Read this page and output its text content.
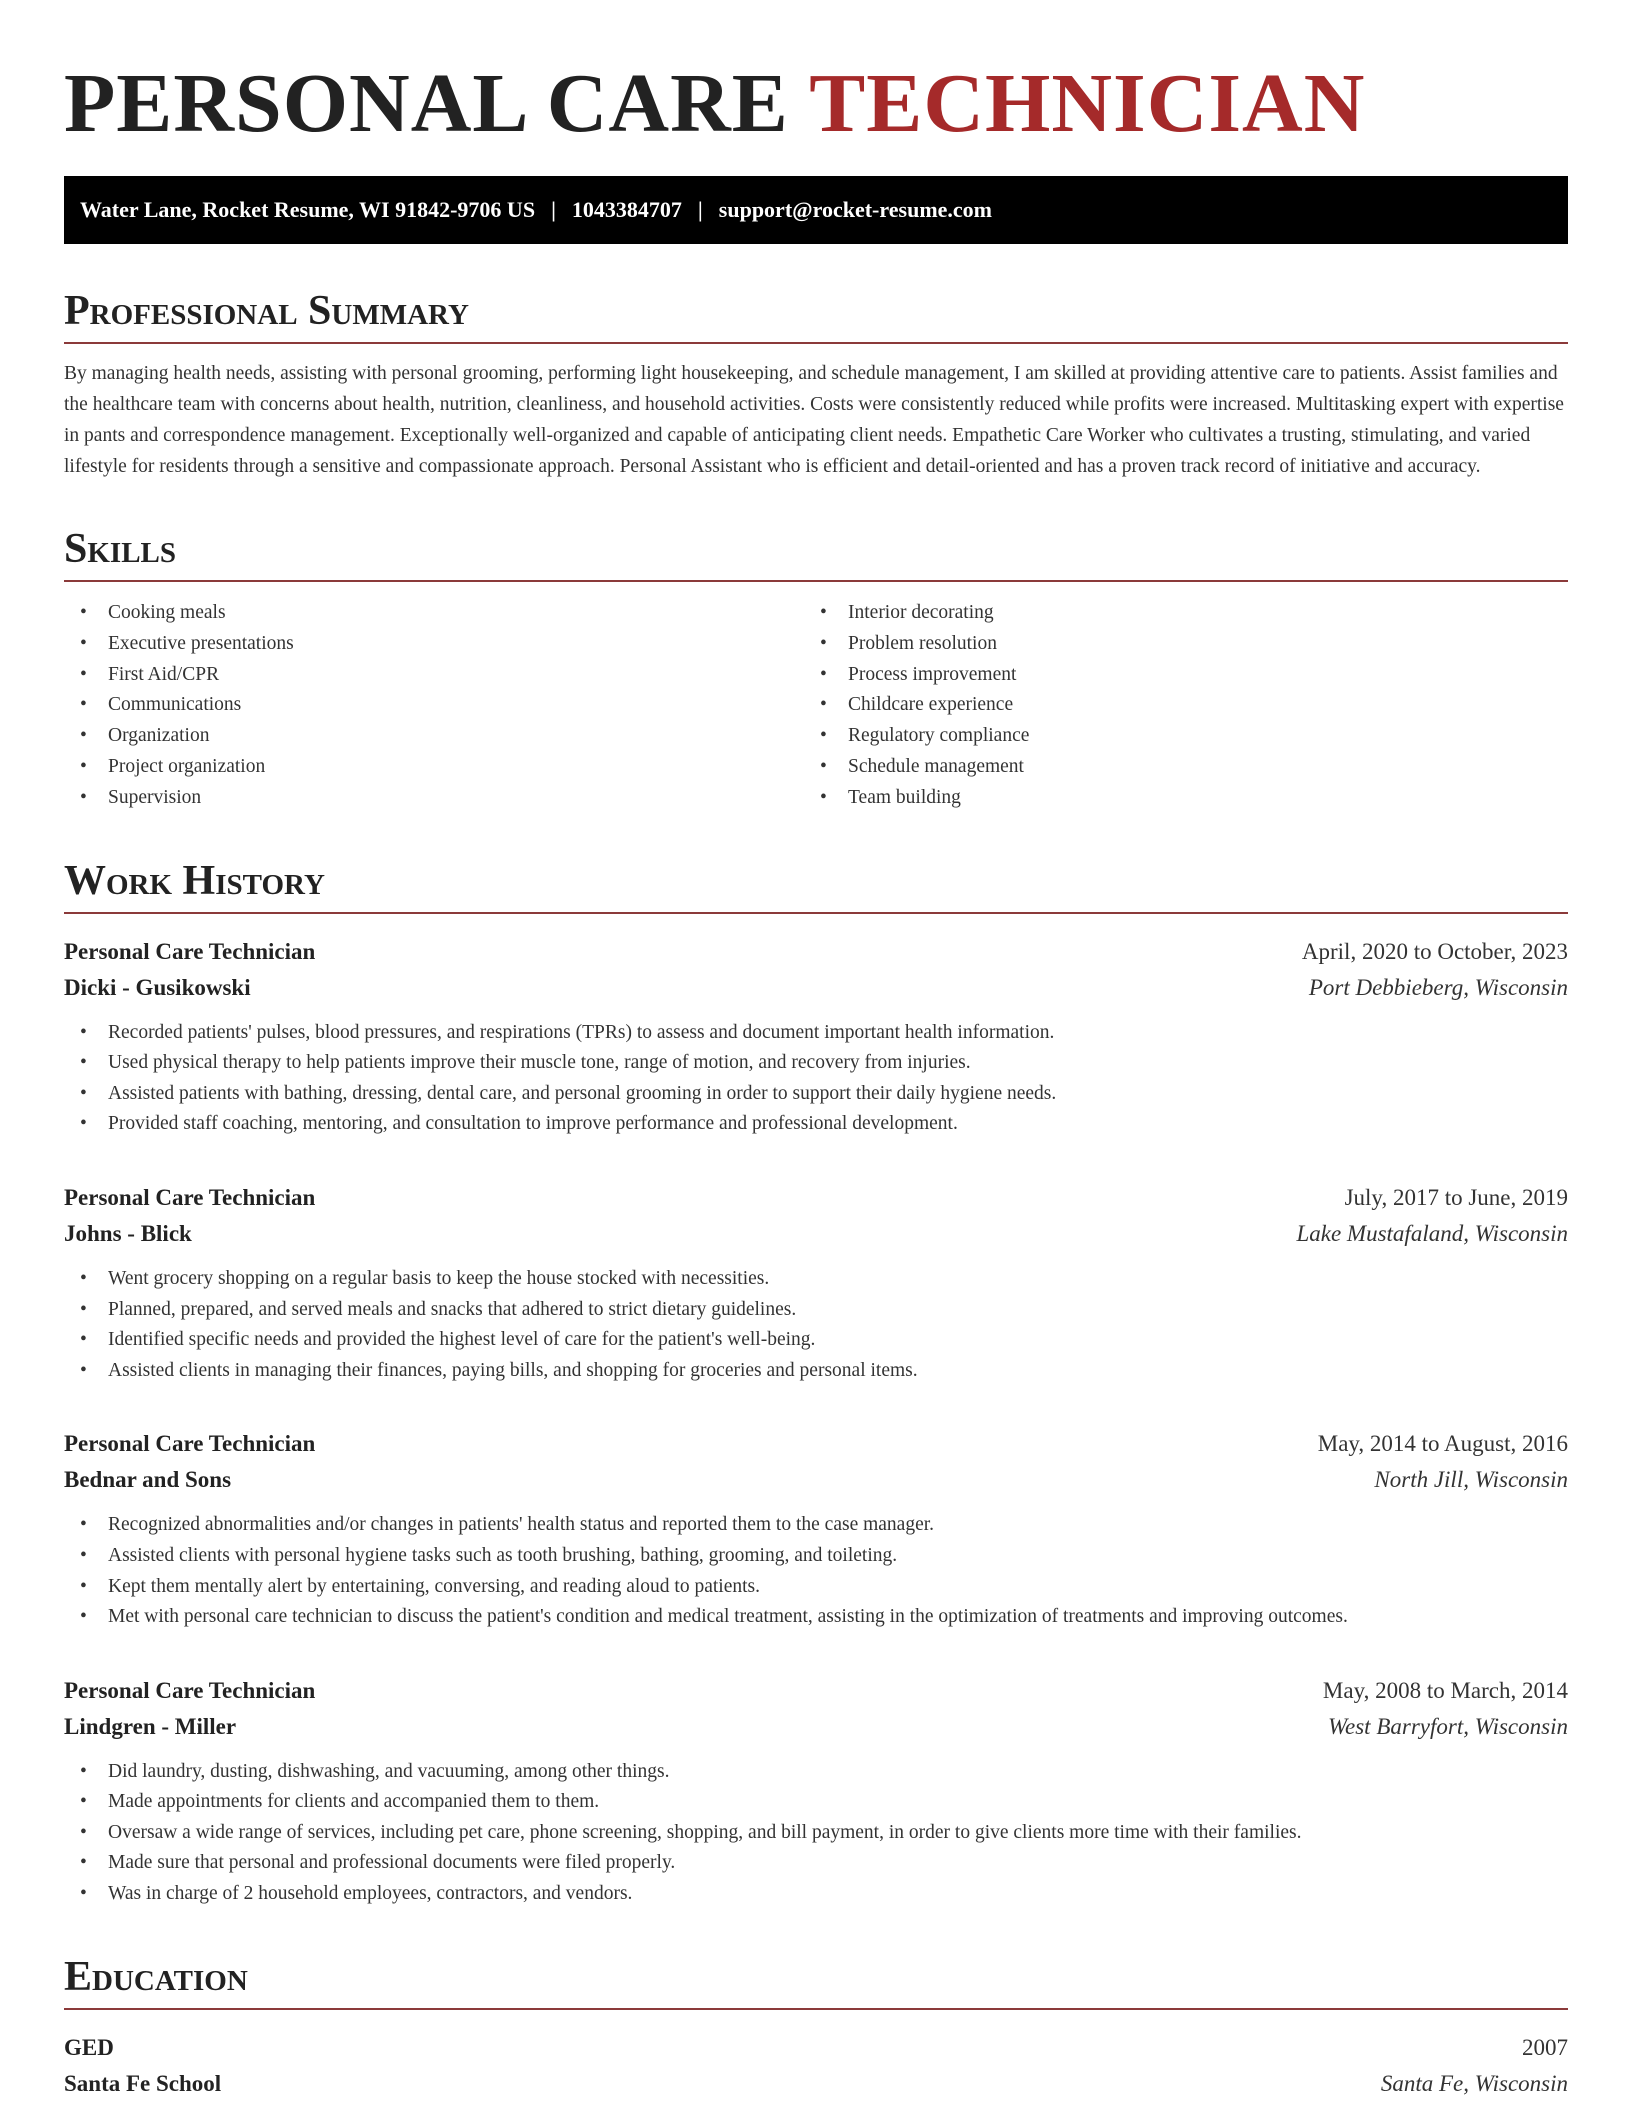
PERSONAL CARE TECHNICIAN
Water Lane, Rocket Resume, WI 91842-9706 US | 1043384707 | support@rocket-resume.com
Professional Summary

By managing health needs, assisting with personal grooming, performing light housekeeping, and schedule management, I am skilled at providing attentive care to patients. Assist families and the healthcare team with concerns about health, nutrition, cleanliness, and household activities. Costs were consistently reduced while profits were increased. Multitasking expert with expertise in pants and correspondence management. Exceptionally well-organized and capable of anticipating client needs. Empathetic Care Worker who cultivates a trusting, stimulating, and varied lifestyle for residents through a sensitive and compassionate approach. Personal Assistant who is efficient and detail-oriented and has a proven track record of initiative and accuracy.

Skills
• Cooking meals
• Executive presentations
• First Aid/CPR
• Communications
• Organization
• Project organization
• Supervision
• Interior decorating
• Problem resolution
• Process improvement
• Childcare experience
• Regulatory compliance
• Schedule management
• Team building
Work History
Personal Care Technician	April, 2020 to October, 2023
Dicki - Gusikowski	Port Debbieberg, Wisconsin
• Recorded patients' pulses, blood pressures, and respirations (TPRs) to assess and document important health information.
• Used physical therapy to help patients improve their muscle tone, range of motion, and recovery from injuries.
• Assisted patients with bathing, dressing, dental care, and personal grooming in order to support their daily hygiene needs.
• Provided staff coaching, mentoring, and consultation to improve performance and professional development.
Personal Care Technician	July, 2017 to June, 2019
Johns - Blick	Lake Mustafaland, Wisconsin
• Went grocery shopping on a regular basis to keep the house stocked with necessities.
• Planned, prepared, and served meals and snacks that adhered to strict dietary guidelines.
• Identified specific needs and provided the highest level of care for the patient's well-being.
• Assisted clients in managing their finances, paying bills, and shopping for groceries and personal items.
Personal Care Technician	May, 2014 to August, 2016
Bednar and Sons	North Jill, Wisconsin
• Recognized abnormalities and/or changes in patients' health status and reported them to the case manager.
• Assisted clients with personal hygiene tasks such as tooth brushing, bathing, grooming, and toileting.
• Kept them mentally alert by entertaining, conversing, and reading aloud to patients.
• Met with personal care technician to discuss the patient's condition and medical treatment, assisting in the optimization of treatments and improving outcomes.
Personal Care Technician	May, 2008 to March, 2014
Lindgren - Miller	West Barryfort, Wisconsin
• Did laundry, dusting, dishwashing, and vacuuming, among other things.
• Made appointments for clients and accompanied them to them.
• Oversaw a wide range of services, including pet care, phone screening, shopping, and bill payment, in order to give clients more time with their families.
• Made sure that personal and professional documents were filed properly.
• Was in charge of 2 household employees, contractors, and vendors.
Education
GED	2007
Santa Fe School	Santa Fe, Wisconsin
